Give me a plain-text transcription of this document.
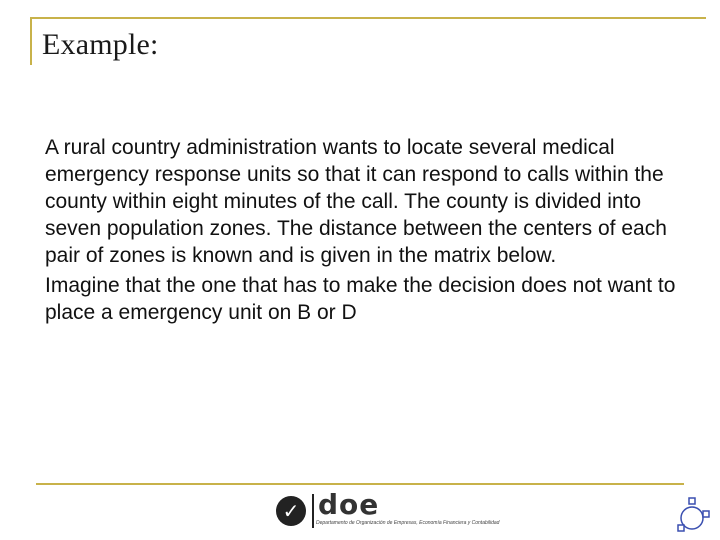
Example:

A rural country administration wants to locate several medical emergency response units so that it can respond to calls within the county within eight minutes of the call. The county is divided into seven population zones. The distance between the centers of each pair of zones is known and is given in the matrix below.

Imagine that the one that has to make the decision does not want to place a emergency unit on B or D

✓ doe
Departamento de Organización de Empresas, Economía Financiera y Contabilidad
